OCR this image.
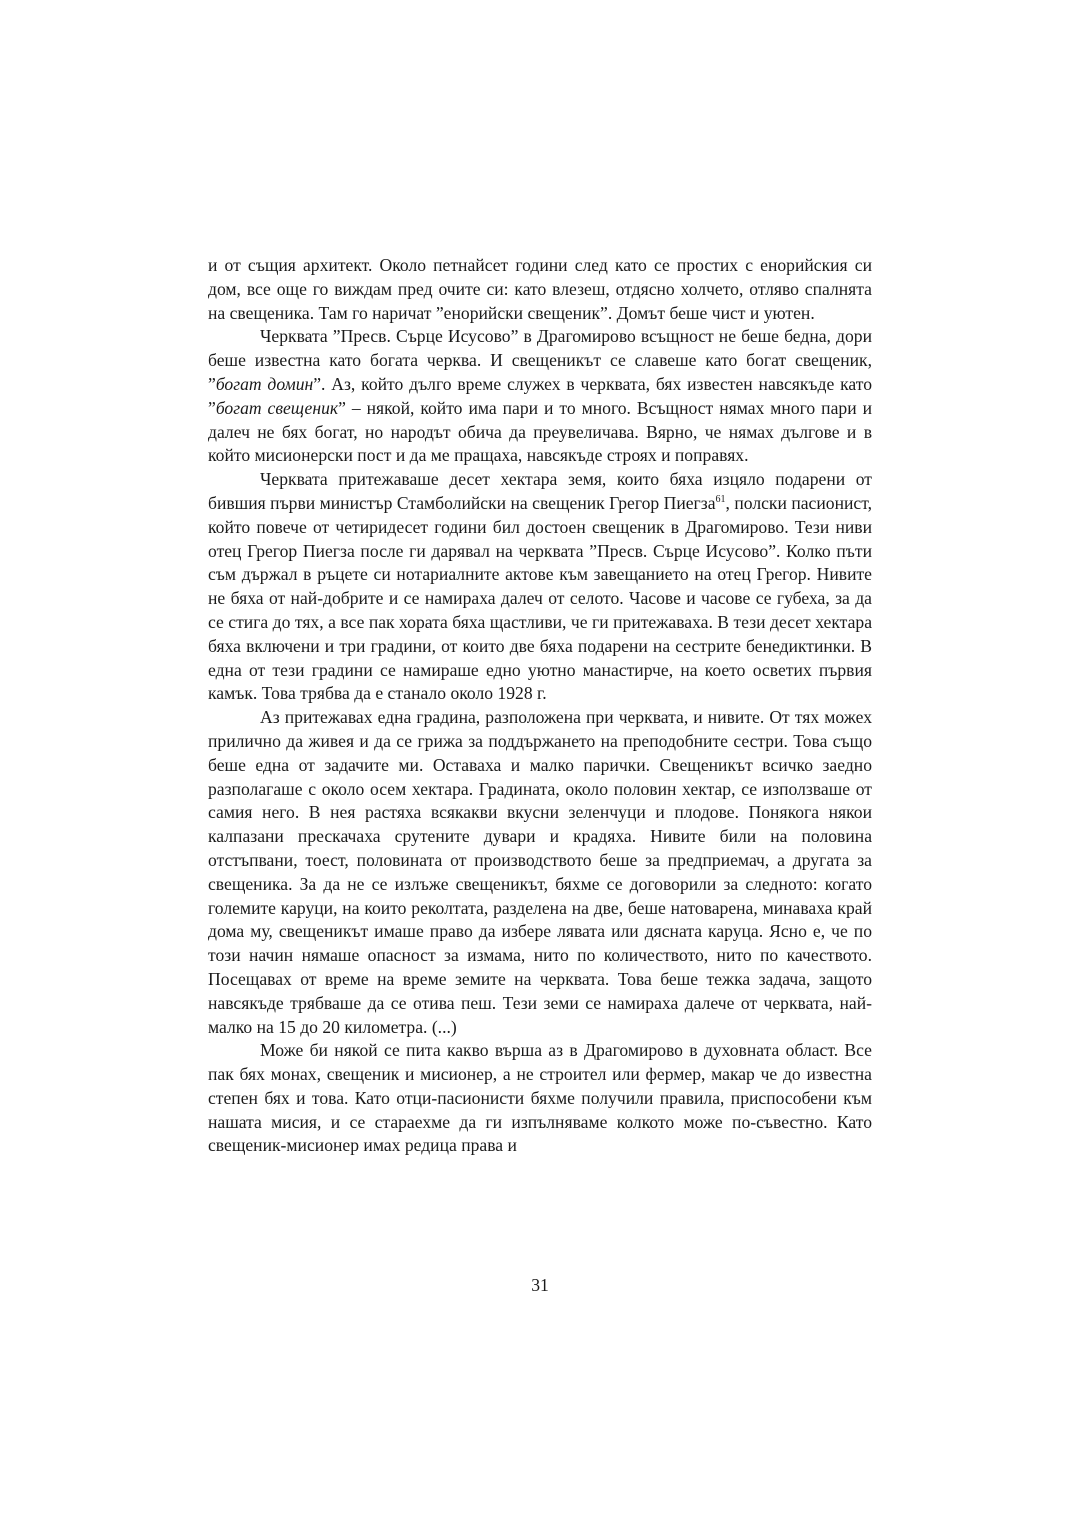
и от същия архитект. Около петнайсет години след като се простих с енорийския си дом, все още го виждам пред очите си: като влезеш, отдясно холчето, отляво спалнята на свещеника. Там го наричат ”енорийски свещеник”. Домът беше чист и уютен.

Черквата ”Пресв. Сърце Исусово” в Драгомирово всъщност не беше бедна, дори беше известна като богата черква. И свещеникът се славеше като богат свещеник, ”богат домин”. Аз, който дълго време служех в черквата, бях известен навсякъде като ”богат свещеник” – някой, който има пари и то много. Всъщност нямах много пари и далеч не бях богат, но народът обича да преувеличава. Вярно, че нямах дългове и в който мисионерски пост и да ме пращаха, навсякъде строях и поправях.

Черквата притежаваше десет хектара земя, които бяха изцяло подарени от бившия първи министър Стамболийски на свещеник Грегор Пиегза$^{61}$, полски пасионист, който повече от четиридесет години бил достоен свещеник в Драгомирово. Тези ниви отец Грегор Пиегза после ги дарявал на черквата ”Пресв. Сърце Исусово”. Колко пъти съм държал в ръцете си нотариалните актове към завещанието на отец Грегор. Нивите не бяха от най-добрите и се намираха далеч от селото. Часове и часове се губеха, за да се стига до тях, а все пак хората бяха щастливи, че ги притежаваха. В тези десет хектара бяха включени и три градини, от които две бяха подарени на сестрите бенедиктинки. В една от тези градини се намираше едно уютно манастирче, на което осветих първия камък. Това трябва да е станало около 1928 г.

Аз притежавах една градина, разположена при черквата, и нивите. От тях можех прилично да живея и да се грижа за поддържането на преподобните сестри. Това също беше една от задачите ми. Оставаха и малко парички. Свещеникът всичко заедно разполагаше с около осем хектара. Градината, около половин хектар, се използваше от самия него. В нея растяха всякакви вкусни зеленчуци и плодове. Понякога някои калпазани прескачаха срутените дувари и крадяха. Нивите били на половина отстъпвани, тоест, половината от производството беше за предприемач, а другата за свещеника. За да не се излъже свещеникът, бяхме се договорили за следното: когато големите каруци, на които реколтата, разделена на две, беше натоварена, минаваха край дома му, свещеникът имаше право да избере лявата или дясната каруца. Ясно е, че по този начин нямаше опасност за измама, нито по количеството, нито по качеството. Посещавах от време на време земите на черквата. Това беше тежка задача, защото навсякъде трябваше да се отива пеш. Тези земи се намираха далече от черквата, най-малко на 15 до 20 километра. (...)

Може би някой се пита какво върша аз в Драгомирово в духовната област. Все пак бях монах, свещеник и мисионер, а не строител или фермер, макар че до известна степен бях и това. Като отци-пасионисти бяхме получили правила, приспособени към нашата мисия, и се стараехме да ги изпълняваме колкото може по-съвестно. Като свещеник-мисионер имах редица права и

31
